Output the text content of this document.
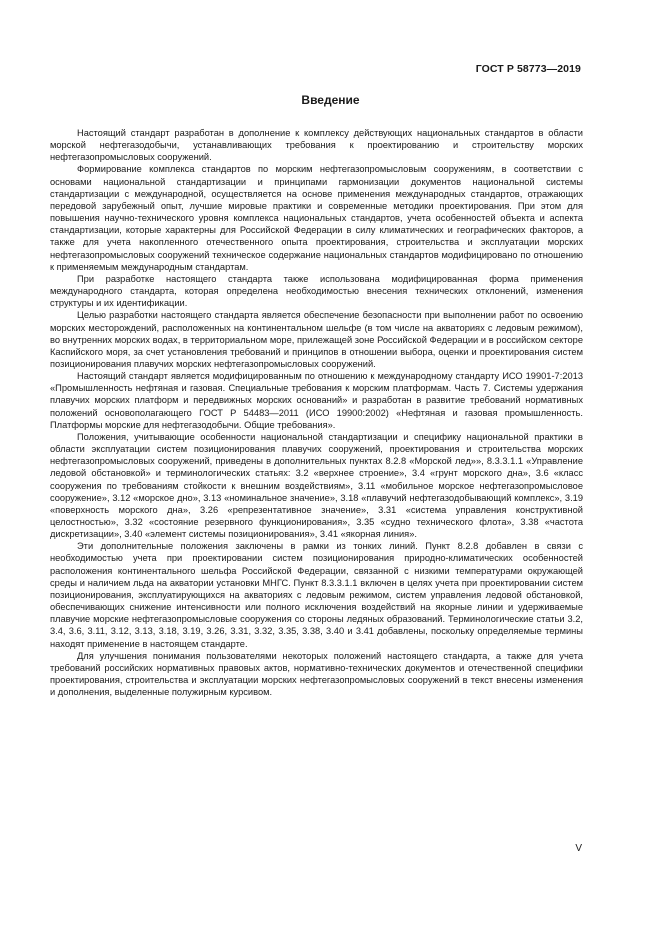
ГОСТ Р 58773—2019
Введение

Настоящий стандарт разработан в дополнение к комплексу действующих национальных стандартов в области морской нефтегазодобычи, устанавливающих требования к проектированию и строительству морских нефтегазопромысловых сооружений.

Формирование комплекса стандартов по морским нефтегазопромысловым сооружениям, в соответствии с основами национальной стандартизации и принципами гармонизации документов национальной системы стандартизации с международной, осуществляется на основе применения международных стандартов, отражающих передовой зарубежный опыт, лучшие мировые практики и современные методики проектирования. При этом для повышения научно-технического уровня комплекса национальных стандартов, учета особенностей объекта и аспекта стандартизации, которые характерны для Российской Федерации в силу климатических и географических факторов, а также для учета накопленного отечественного опыта проектирования, строительства и эксплуатации морских нефтегазопромысловых сооружений техническое содержание национальных стандартов модифицировано по отношению к применяемым международным стандартам.

При разработке настоящего стандарта также использована модифицированная форма применения международного стандарта, которая определена необходимостью внесения технических отклонений, изменения структуры и их идентификации.

Целью разработки настоящего стандарта является обеспечение безопасности при выполнении работ по освоению морских месторождений, расположенных на континентальном шельфе (в том числе на акваториях с ледовым режимом), во внутренних морских водах, в территориальном море, прилежащей зоне Российской Федерации и в российском секторе Каспийского моря, за счет установления требований и принципов в отношении выбора, оценки и проектирования систем позиционирования плавучих морских нефтегазопромысловых сооружений.

Настоящий стандарт является модифицированным по отношению к международному стандарту ИСО 19901-7:2013 «Промышленность нефтяная и газовая. Специальные требования к морским платформам. Часть 7. Системы удержания плавучих морских платформ и передвижных морских оснований» и разработан в развитие требований нормативных положений основополагающего ГОСТ Р 54483—2011 (ИСО 19900:2002) «Нефтяная и газовая промышленность. Платформы морские для нефтегазодобычи. Общие требования».

Положения, учитывающие особенности национальной стандартизации и специфику национальной практики в области эксплуатации систем позиционирования плавучих сооружений, проектирования и строительства морских нефтегазопромысловых сооружений, приведены в дополнительных пунктах 8.2.8 «Морской лед»», 8.3.3.1.1 «Управление ледовой обстановкой» и терминологических статьях: 3.2 «верхнее строение», 3.4 «грунт морского дна», 3.6 «класс сооружения по требованиям стойкости к внешним воздействиям», 3.11 «мобильное морское нефтегазопромысловое сооружение», 3.12 «морское дно», 3.13 «номинальное значение», 3.18 «плавучий нефтегазодобывающий комплекс», 3.19 «поверхность морского дна», 3.26 «репрезентативное значение», 3.31 «система управления конструктивной целостностью», 3.32 «состояние резервного функционирования», 3.35 «судно технического флота», 3.38 «частота дискретизации», 3.40 «элемент системы позиционирования», 3.41 «якорная линия».

Эти дополнительные положения заключены в рамки из тонких линий. Пункт 8.2.8 добавлен в связи с необходимостью учета при проектировании систем позиционирования природно-климатических особенностей расположения континентального шельфа Российской Федерации, связанной с низкими температурами окружающей среды и наличием льда на акватории установки МНГС. Пункт 8.3.3.1.1 включен в целях учета при проектировании систем позиционирования, эксплуатирующихся на акваториях с ледовым режимом, систем управления ледовой обстановкой, обеспечивающих снижение интенсивности или полного исключения воздействий на якорные линии и удерживаемые плавучие морские нефтегазопромысловые сооружения со стороны ледяных образований. Терминологические статьи 3.2, 3.4, 3.6, 3.11, 3.12, 3.13, 3.18, 3.19, 3.26, 3.31, 3.32, 3.35, 3.38, 3.40 и 3.41 добавлены, поскольку определяемые термины находят применение в настоящем стандарте.

Для улучшения понимания пользователями некоторых положений настоящего стандарта, а также для учета требований российских нормативных правовых актов, нормативно-технических документов и отечественной специфики проектирования, строительства и эксплуатации морских нефтегазопромысловых сооружений в текст внесены изменения и дополнения, выделенные полужирным курсивом.

V
